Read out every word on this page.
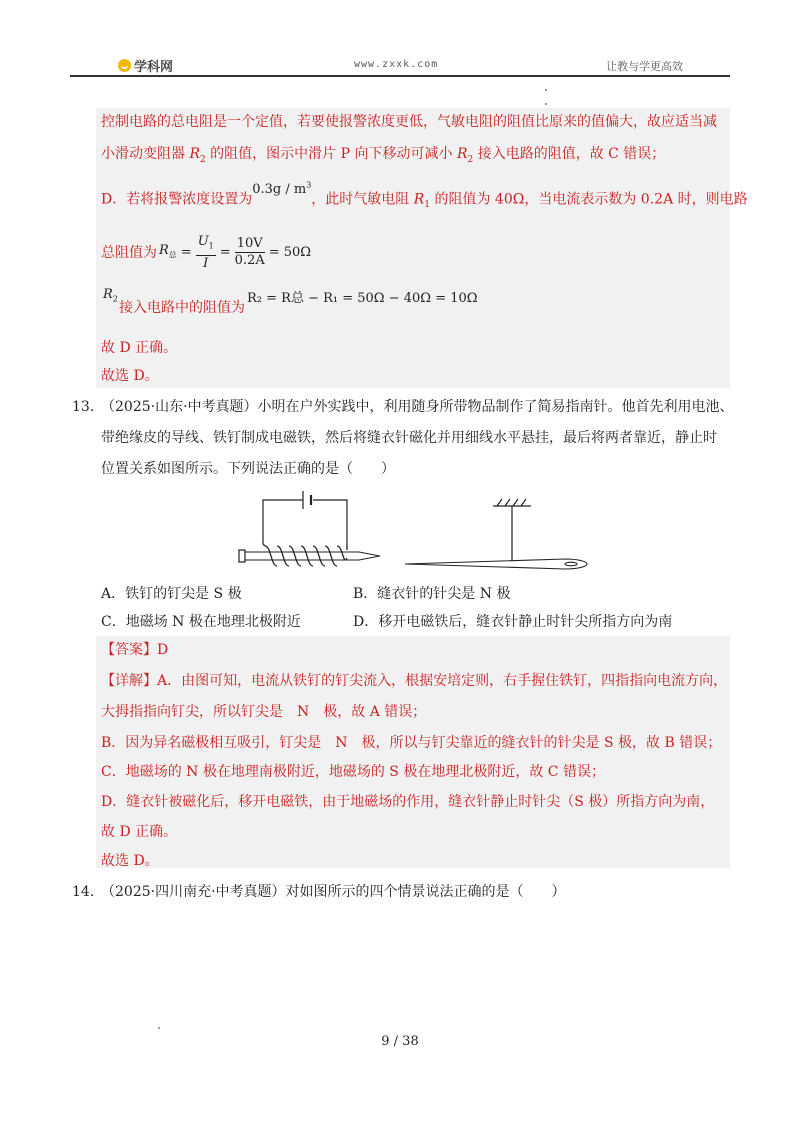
学科网	www.zxxk.com	让教与学更高效
控制电路的总电阻是一个定值，若要使报警浓度更低，气敏电阻的阻值比原来的值偏大，故应适当减
小滑动变阻器 $R_2$ 的阻值，图示中滑片 P 向下移动可减小 $R_2$ 接入电路的阻值，故 C 错误；
D．若将报警浓度设置为$0.3g / m^3$，此时气敏电阻 $R_1$ 的阻值为 40Ω，当电流表示数为 0.2A 时，则电路
总阻值为 $R_总 = \frac{U_1}{I} = \frac{10V}{0.2A} = 50\Omega$
$R_2$
接入电路中的阻值为
R₂ = R总 − R₁ = 50Ω − 40Ω = 10Ω
故 D 正确。
故选 D。
13．
（2025·山东·中考真题）小明在户外实践中，利用随身所带物品制作了简易指南针。他首先利用电池、
带绝缘皮的导线、铁钉制成电磁铁，然后将缝衣针磁化并用细线水平悬挂，最后将两者靠近，静止时
位置关系如图所示。下列说法正确的是（　　）
A．铁钉的钉尖是 S 极	B．缝衣针的针尖是 N 极
C．地磁场 N 极在地理北极附近	D．移开电磁铁后，缝衣针静止时针尖所指方向为南
【答案】D
【详解】A．由图可知，电流从铁钉的钉尖流入，根据安培定则，右手握住铁钉，四指指向电流方向，
大拇指指向钉尖，所以钉尖是　N　极，故 A 错误；
B．因为异名磁极相互吸引，钉尖是　N　极，所以与钉尖靠近的缝衣针的针尖是 S 极，故 B 错误；
C．地磁场的 N 极在地理南极附近，地磁场的 S 极在地理北极附近，故 C 错误；
D．缝衣针被磁化后，移开电磁铁，由于地磁场的作用，缝衣针静止时针尖（S 极）所指方向为南，
故 D 正确。
故选 D。
14．
（2025·四川南充·中考真题）对如图所示的四个情景说法正确的是（　　）
9 / 38
